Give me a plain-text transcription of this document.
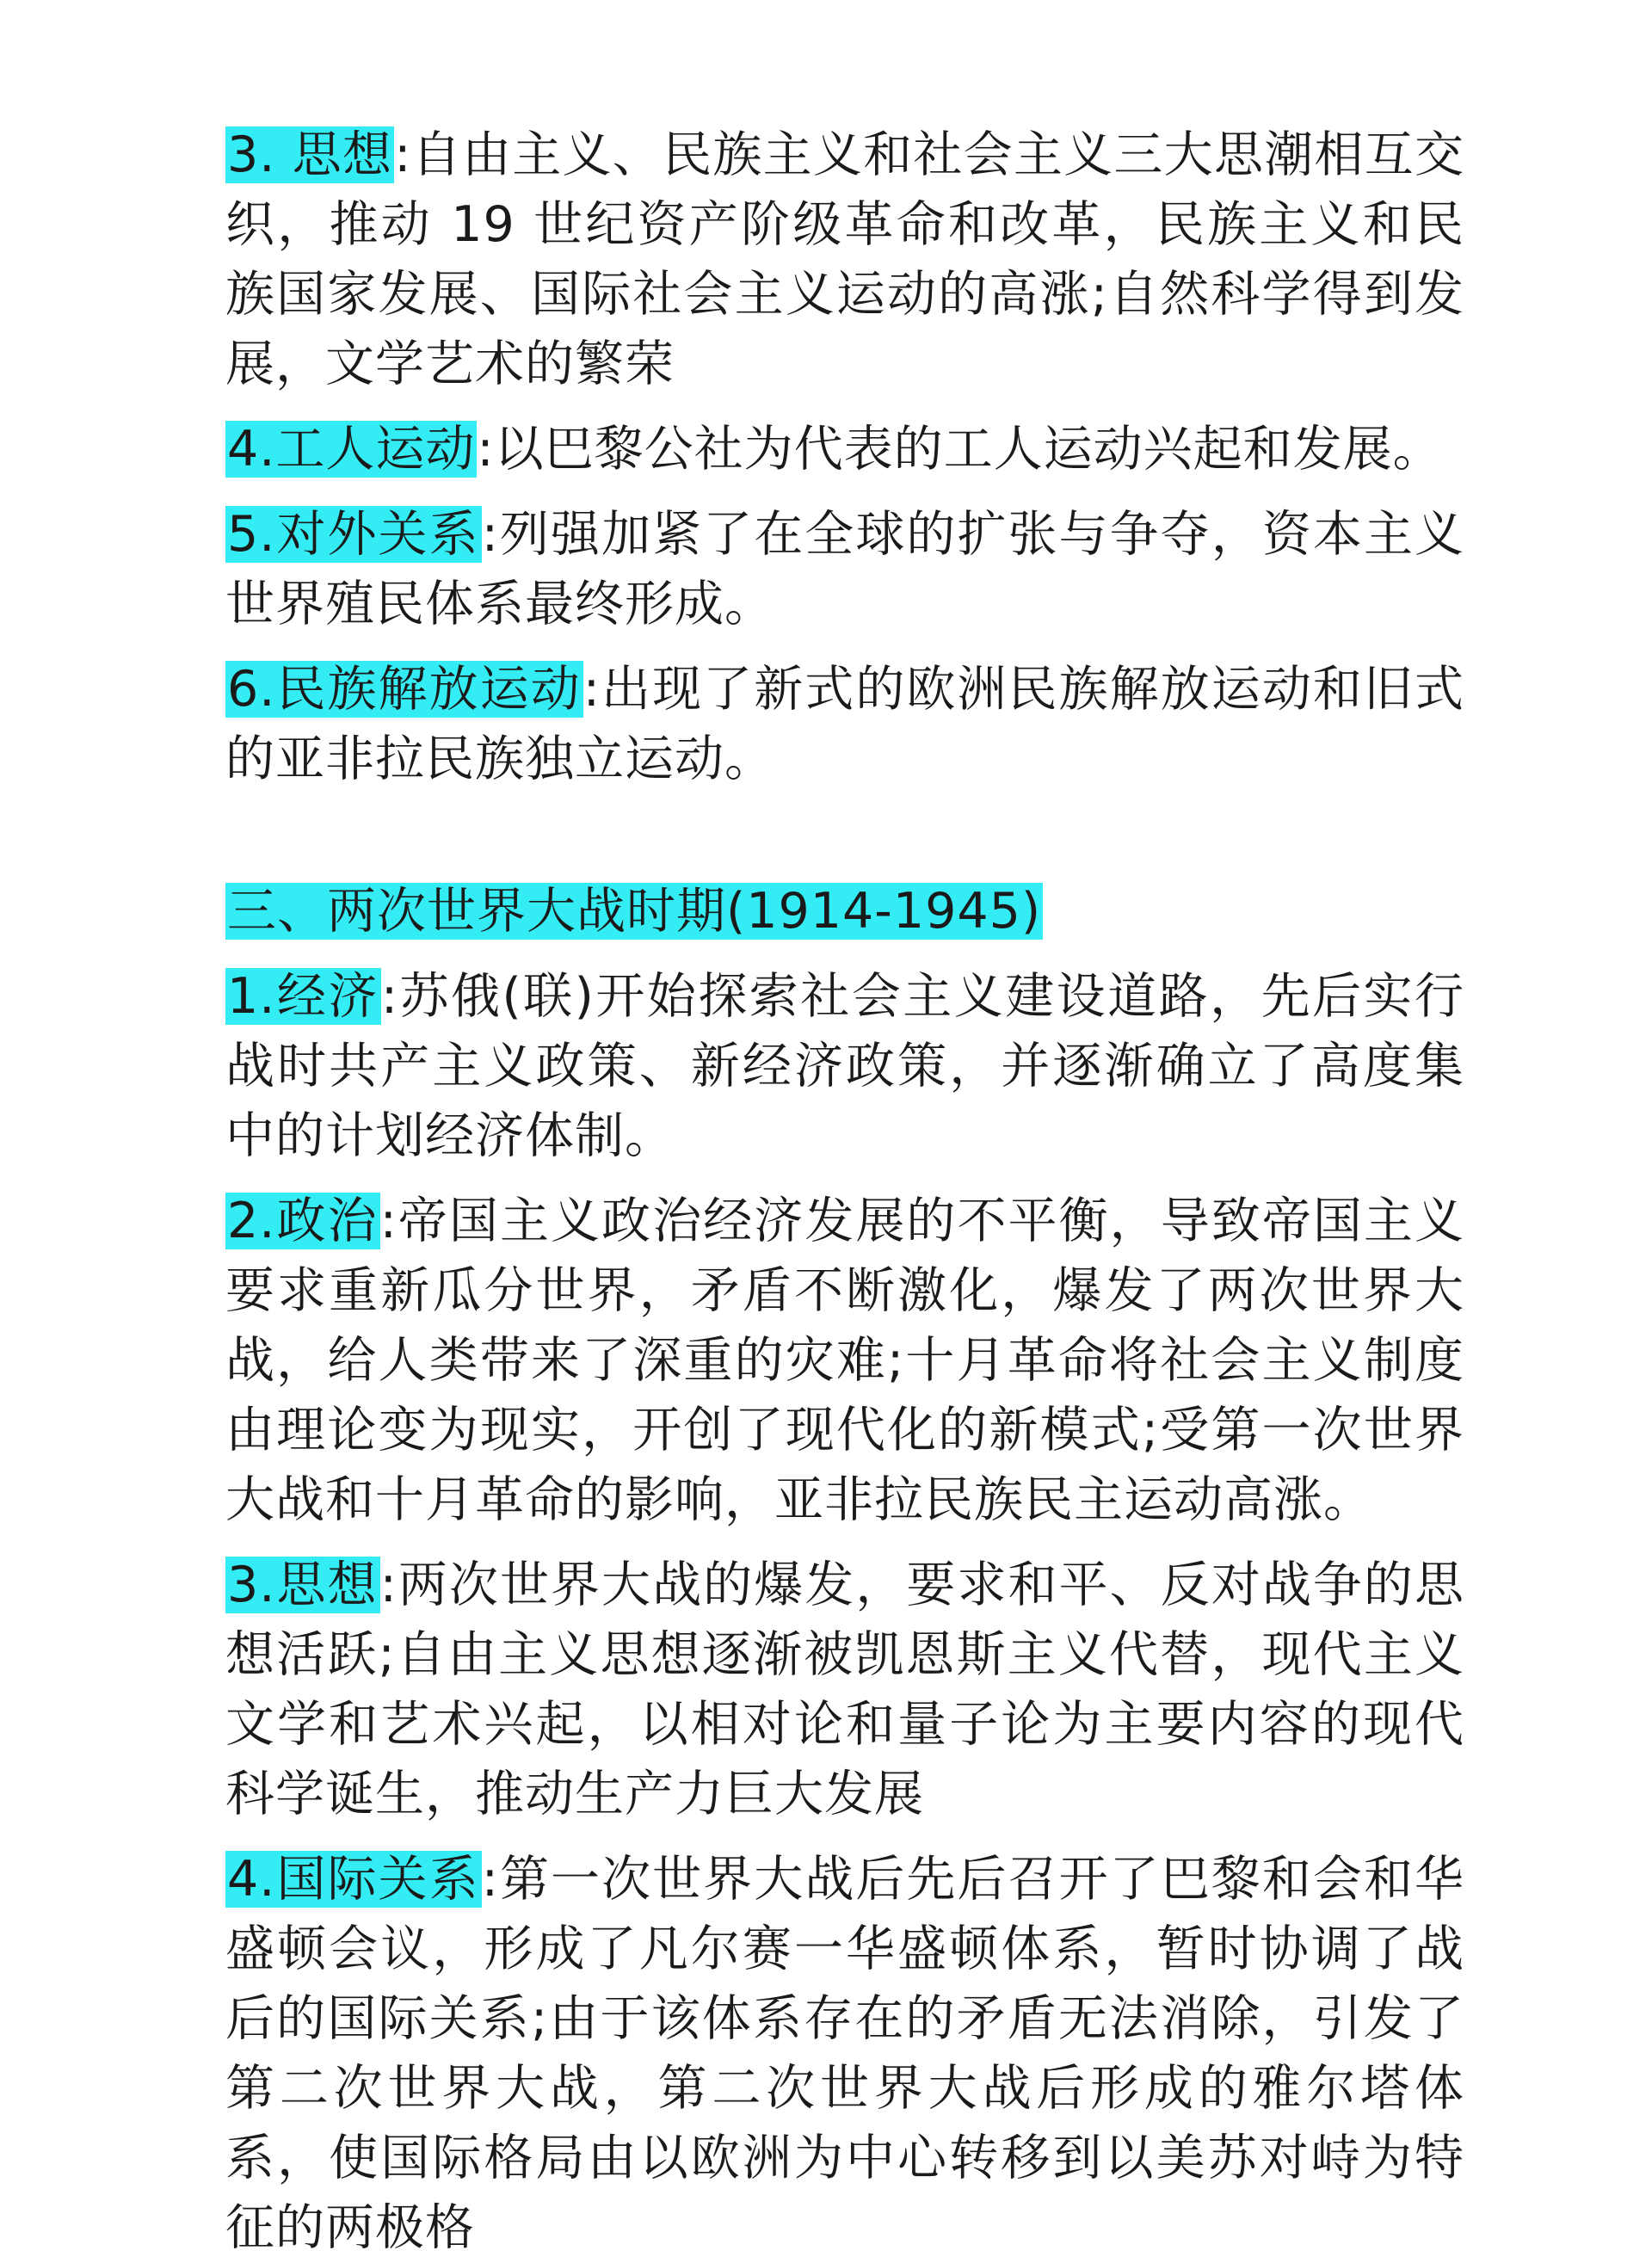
3. 思想:自由主义、民族主义和社会主义三大思潮相互交织，推动 19 世纪资产阶级革命和改革，民族主义和民族国家发展、国际社会主义运动的高涨;自然科学得到发展，文学艺术的繁荣

4.工人运动:以巴黎公社为代表的工人运动兴起和发展。

5.对外关系:列强加紧了在全球的扩张与争夺，资本主义世界殖民体系最终形成。

6.民族解放运动:出现了新式的欧洲民族解放运动和旧式的亚非拉民族独立运动。

三、两次世界大战时期(1914-1945)

1.经济:苏俄(联)开始探索社会主义建设道路，先后实行战时共产主义政策、新经济政策，并逐渐确立了高度集中的计划经济体制。

2.政治:帝国主义政治经济发展的不平衡，导致帝国主义要求重新瓜分世界，矛盾不断激化，爆发了两次世界大战，给人类带来了深重的灾难;十月革命将社会主义制度由理论变为现实，开创了现代化的新模式;受第一次世界大战和十月革命的影响，亚非拉民族民主运动高涨。

3.思想:两次世界大战的爆发，要求和平、反对战争的思想活跃;自由主义思想逐渐被凯恩斯主义代替，现代主义文学和艺术兴起，以相对论和量子论为主要内容的现代科学诞生，推动生产力巨大发展

4.国际关系:第一次世界大战后先后召开了巴黎和会和华盛顿会议，形成了凡尔赛一华盛顿体系，暂时协调了战后的国际关系;由于该体系存在的矛盾无法消除，引发了第二次世界大战，第二次世界大战后形成的雅尔塔体系，使国际格局由以欧洲为中心转移到以美苏对峙为特征的两极格
